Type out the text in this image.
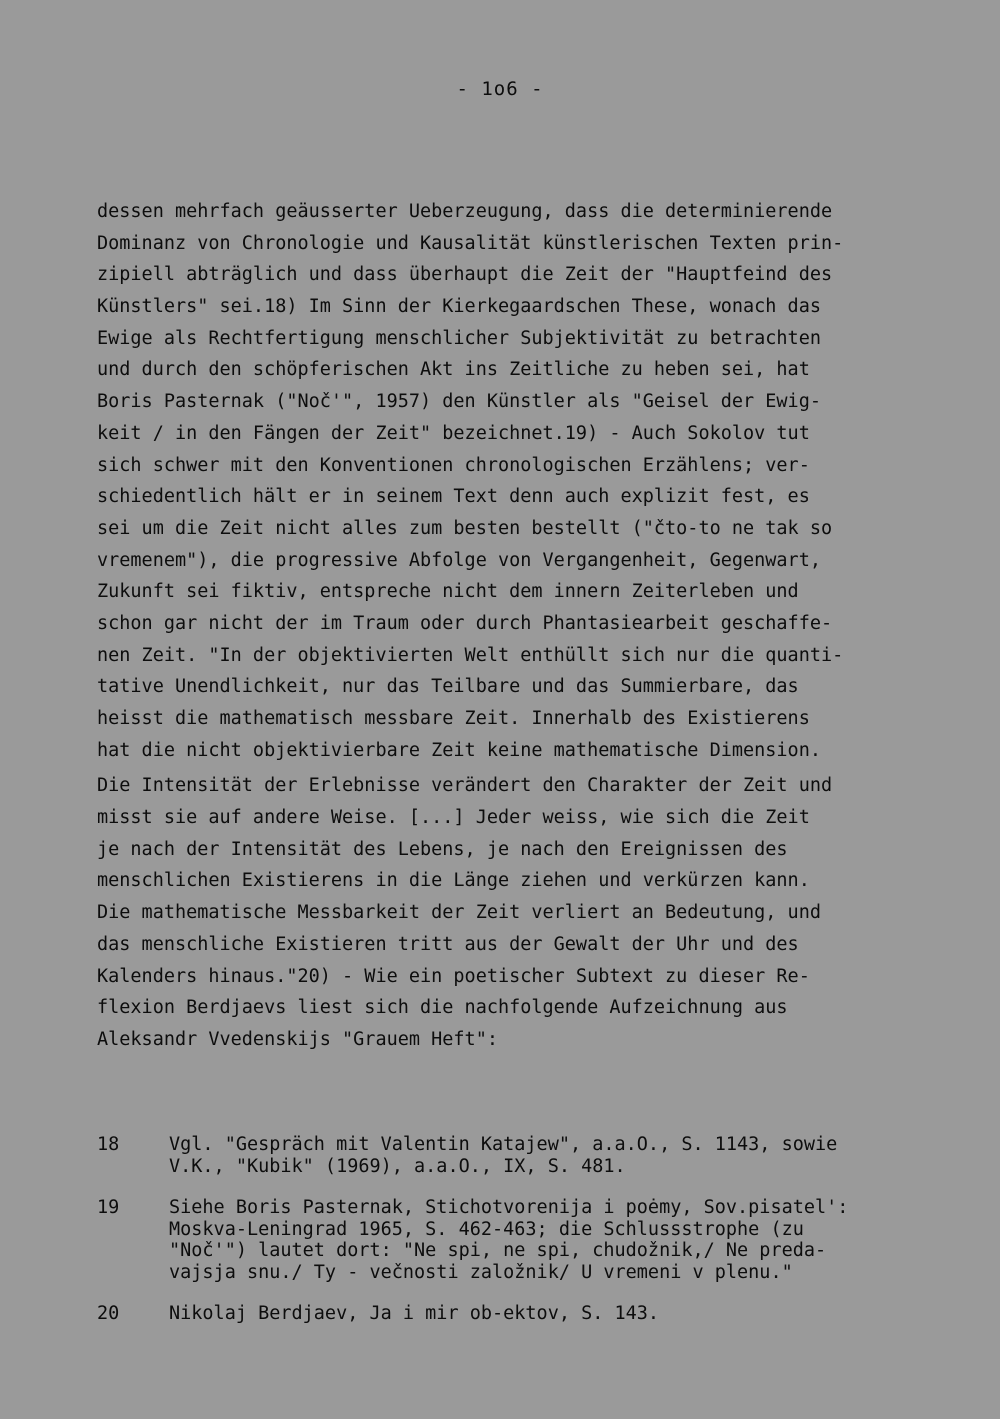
- 1o6 -
dessen mehrfach geäusserter Ueberzeugung, dass die determinierende
Dominanz von Chronologie und Kausalität künstlerischen Texten prin-
zipiell abträglich und dass überhaupt die Zeit der "Hauptfeind des
Künstlers" sei.18) Im Sinn der Kierkegaardschen These, wonach das
Ewige als Rechtfertigung menschlicher Subjektivität zu betrachten
und durch den schöpferischen Akt ins Zeitliche zu heben sei, hat
Boris Pasternak ("Noč'", 1957) den Künstler als "Geisel der Ewig-
keit / in den Fängen der Zeit" bezeichnet.19) - Auch Sokolov tut
sich schwer mit den Konventionen chronologischen Erzählens; ver-
schiedentlich hält er in seinem Text denn auch explizit fest, es
sei um die Zeit nicht alles zum besten bestellt ("čto-to ne tak so
vremenem"), die progressive Abfolge von Vergangenheit, Gegenwart,
Zukunft sei fiktiv, entspreche nicht dem innern Zeiterleben und
schon gar nicht der im Traum oder durch Phantasiearbeit geschaffe-
nen Zeit. "In der objektivierten Welt enthüllt sich nur die quanti-
tative Unendlichkeit, nur das Teilbare und das Summierbare, das
heisst die mathematisch messbare Zeit. Innerhalb des Existierens
hat die nicht objektivierbare Zeit keine mathematische Dimension.
Die Intensität der Erlebnisse verändert den Charakter der Zeit und
misst sie auf andere Weise. [...] Jeder weiss, wie sich die Zeit
je nach der Intensität des Lebens, je nach den Ereignissen des
menschlichen Existierens in die Länge ziehen und verkürzen kann.
Die mathematische Messbarkeit der Zeit verliert an Bedeutung, und
das menschliche Existieren tritt aus der Gewalt der Uhr und des
Kalenders hinaus."20) - Wie ein poetischer Subtext zu dieser Re-
flexion Berdjaevs liest sich die nachfolgende Aufzeichnung aus
Aleksandr Vvedenskijs "Grauem Heft":
18	Vgl. "Gespräch mit Valentin Katajew", a.a.O., S. 1143, sowie
V.K., "Kubik" (1969), a.a.O., IX, S. 481.
19	Siehe Boris Pasternak, Stichotvorenija i poėmy, Sov.pisatel':
Moskva-Leningrad 1965, S. 462-463; die Schlussstrophe (zu
"Noč'") lautet dort: "Ne spi, ne spi, chudožnik,/ Ne preda-
vajsja snu./ Ty - večnosti založnik/ U vremeni v plenu."
20	Nikolaj Berdjaev, Ja i mir ob-ektov, S. 143.
